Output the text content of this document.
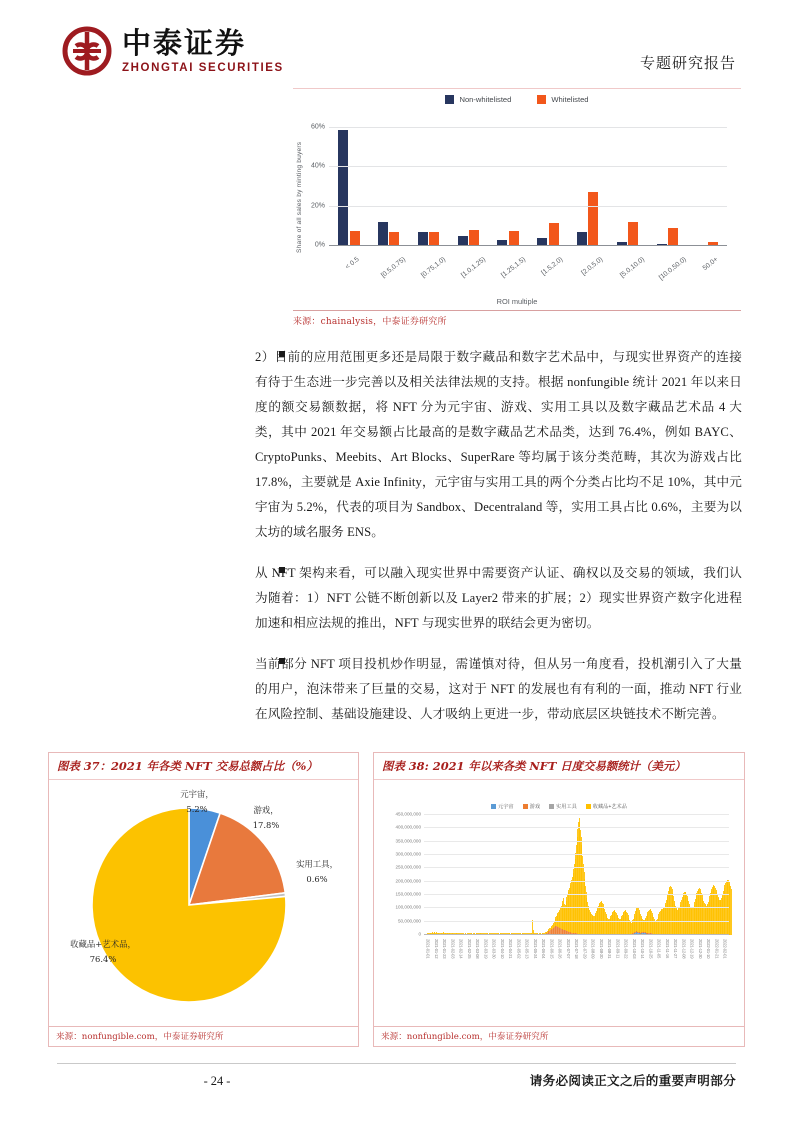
中泰证券
ZHONGTAI SECURITIES	专题研究报告
Non-whitelisted	Whitelisted
Share of all sales by minting buyers 0%
20%
40%
60%
< 0.5	[0.5,0.75)	[0.75,1.0)	[1.0,1.25)	[1.25,1.5)	[1.5,2.0)	[2.0,5.0)	[5.0,10.0)	[10.0,50.0)	50.0+
ROI multiple
来源：chainalysis，中泰证券研究所
2）目前的应用范围更多还是局限于数字藏品和数字艺术品中，与现实世界资产的连接有待于生态进一步完善以及相关法律法规的支持。根据 nonfungible 统计 2021 年以来日度的额交易额数据，将 NFT 分为元宇宙、游戏、实用工具以及数字藏品艺术品 4 大类，其中 2021 年交易额占比最高的是数字藏品艺术品类，达到 76.4%，例如 BAYC、CryptoPunks、Meebits、Art Blocks、SuperRare 等均属于该分类范畴，其次为游戏占比 17.8%，主要就是 Axie Infinity，元宇宙与实用工具的两个分类占比均不足 10%，其中元宇宙为 5.2%，代表的项目为 Sandbox、Decentraland 等，实用工具占比 0.6%，主要为以太坊的域名服务 ENS。
从 NFT 架构来看，可以融入现实世界中需要资产认证、确权以及交易的领域，我们认为随着：1）NFT 公链不断创新以及 Layer2 带来的扩展；2）现实世界资产数字化进程加速和相应法规的推出，NFT 与现实世界的联结会更为密切。
当前部分 NFT 项目投机炒作明显，需谨慎对待，但从另一角度看，投机潮引入了大量的用户，泡沫带来了巨量的交易，这对于 NFT 的发展也有有利的一面，推动 NFT 行业在风险控制、基础设施建设、人才吸纳上更进一步，带动底层区块链技术不断完善。
图表 37：2021 年各类 NFT 交易总额占比（%）
元宇宙，
5.2%	游戏，
17.8%
实用工具，
0.6%
收藏品+艺术品，
76.4%
来源：nonfungible.com，中泰证券研究所
图表 38: 2021 年以来各类 NFT 日度交易额统计（美元）
元宇宙	游戏	实用工具	收藏品+艺术品
0
50,000,000
100,000,000
150,000,000
200,000,000
250,000,000
300,000,000
350,000,000
400,000,000
450,000,000
2021-01-01 2021-01-12 2021-01-23 2021-02-03 2021-02-14 2021-02-25 2021-03-08 2021-03-19 2021-03-30 2021-04-10 2021-04-21 2021-05-02 2021-05-13 2021-05-24 2021-06-04 2021-06-15 2021-06-26 2021-07-07 2021-07-18 2021-07-29 2021-08-09 2021-08-20 2021-08-31 2021-09-11 2021-09-22 2021-10-03 2021-10-14 2021-10-25 2021-11-05 2021-11-16 2021-11-27 2021-12-08 2021-12-19 2021-12-30 2022-01-10 2022-01-21 2022-02-01
来源：nonfungible.com，中泰证券研究所
- 24 -	请务必阅读正文之后的重要声明部分
